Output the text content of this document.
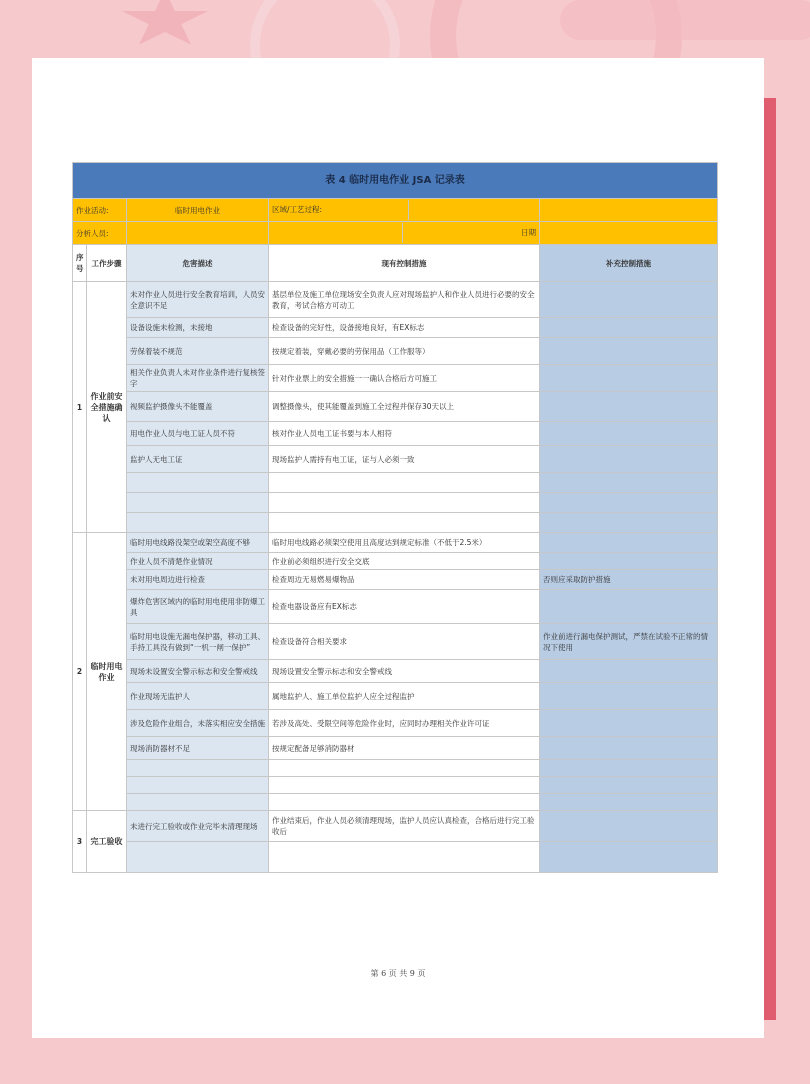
表 4 临时用电作业 JSA 记录表				
作业活动:		临时用电作业	区域/工艺过程:	

分析人员:			日期	

序号	工作步骤	危害描述	现有控制措施	补充控制措施
1	作业前安全措施确认	未对作业人员进行安全教育培训，人员安全意识不足	基层单位及施工单位现场安全负责人应对现场监护人和作业人员进行必要的安全教育，考试合格方可动工	
		设备设施未检测，未接地	检查设备的完好性，设备接地良好，有EX标志	
		劳保着装不规范	按规定着装，穿戴必要的劳保用品（工作服等）	
		相关作业负责人未对作业条件进行复核签字	针对作业票上的安全措施一一确认合格后方可施工	
		视频监护摄像头不能覆盖	调整摄像头，使其能覆盖到施工全过程并保存30天以上	
		用电作业人员与电工证人员不符	核对作业人员电工证书要与本人相符	
		监护人无电工证	现场监护人需持有电工证，证与人必须一致	

2	临时用电作业	临时用电线路没架空或架空高度不够	临时用电线路必须架空使用且高度达到规定标准（不低于2.5米）	
		作业人员不清楚作业情况	作业前必须组织进行安全交底	
		未对用电周边进行检查	检查周边无易燃易爆物品	否则应采取防护措施
		爆炸危害区域内的临时用电使用非防爆工具	检查电器设备应有EX标志	
		临时用电设施无漏电保护器，移动工具、手持工具没有做到“一机一闸一保护”	检查设备符合相关要求	作业前进行漏电保护测试，严禁在试验不正常的情况下使用
		现场未设置安全警示标志和安全警戒线	现场设置安全警示标志和安全警戒线	
		作业现场无监护人	属地监护人、施工单位监护人应全过程监护	
		涉及危险作业组合，未落实相应安全措施	若涉及高处、受限空间等危险作业时，应同时办理相关作业许可证	
		现场消防器材不足	按规定配备足够消防器材	

3	完工验收	未进行完工验收或作业完毕未清理现场	作业结束后，作业人员必须清理现场，监护人员应认真检查，合格后进行完工验收后	

第 6 页 共 9 页
